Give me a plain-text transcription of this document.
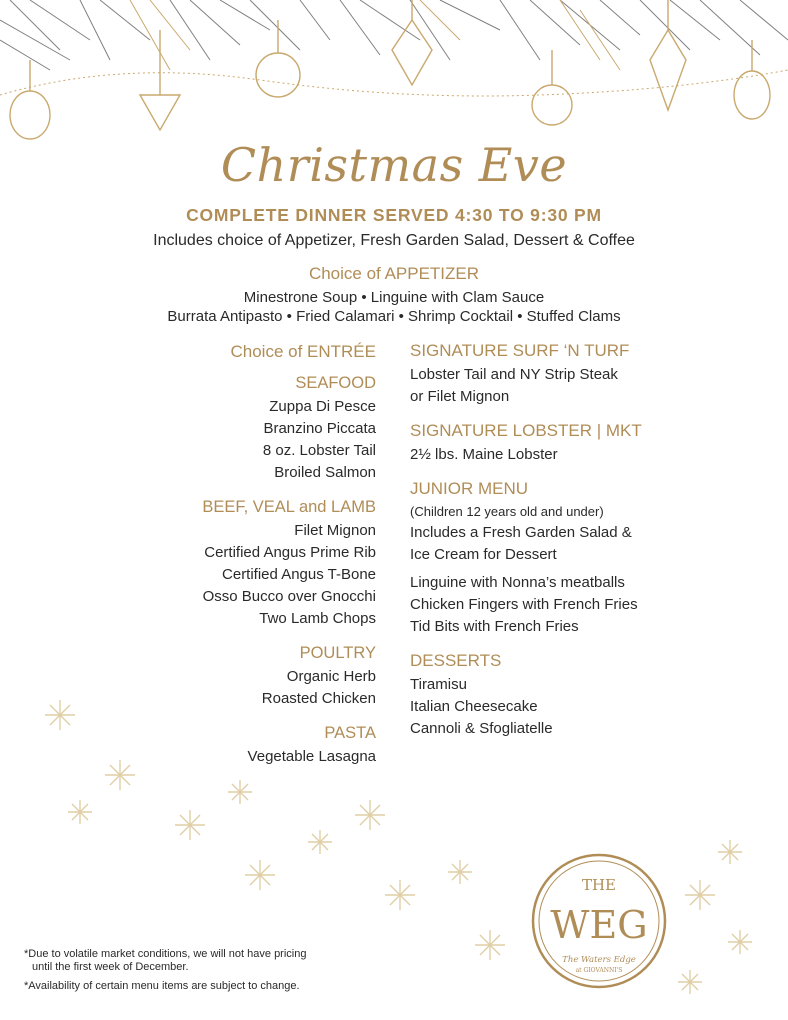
Christmas Eve
COMPLETE DINNER SERVED 4:30 TO 9:30 PM
Includes choice of Appetizer, Fresh Garden Salad, Dessert & Coffee
Choice of APPETIZER
Minestrone Soup • Linguine with Clam Sauce
Burrata Antipasto • Fried Calamari • Shrimp Cocktail • Stuffed Clams
Choice of ENTRÉE
SEAFOOD
Zuppa Di Pesce
Branzino Piccata
8 oz. Lobster Tail
Broiled Salmon
BEEF, VEAL and LAMB
Filet Mignon
Certified Angus Prime Rib
Certified Angus T-Bone
Osso Bucco over Gnocchi
Two Lamb Chops
POULTRY
Organic Herb
Roasted Chicken
PASTA
Vegetable Lasagna
SIGNATURE SURF ‘N TURF
Lobster Tail and NY Strip Steak
or Filet Mignon
SIGNATURE LOBSTER | MKT
2½ lbs. Maine Lobster
JUNIOR MENU
(Children 12 years old and under)
Includes a Fresh Garden Salad &
Ice Cream for Dessert
Linguine with Nonna’s meatballs
Chicken Fingers with French Fries
Tid Bits with French Fries
DESSERTS
Tiramisu
Italian Cheesecake
Cannoli & Sfogliatelle
*Due to volatile market conditions, we will not have pricing
until the first week of December.
*Availability of certain menu items are subject to change.
THE
WEG
The Waters Edge
at GIOVANNI'S
